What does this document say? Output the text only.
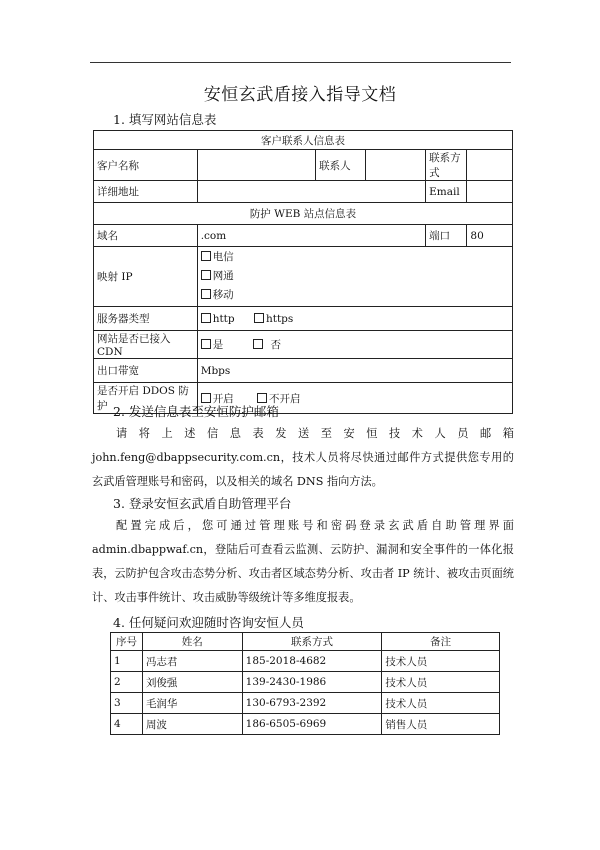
安恒玄武盾接入指导文档
1. 填写网站信息表
客户联系人信息表					
客户名称		联系人		联系方式	
详细地址				Email	
防护 WEB 站点信息表					
域名	.com			端口	80
映射 IP	电信
网通
移动				

服务器类型	http https				
网站是否已接入 CDN	是 否				
出口带宽	Mbps				
是否开启 DDOS 防护	开启 不开启				
2. 发送信息表至安恒防护邮箱
请将上述信息表发送至安恒技术人员邮箱 john.feng@dbappsecurity.com.cn，技术人员将尽快通过邮件方式提供您专用的玄武盾管理账号和密码，以及相关的域名 DNS 指向方法。
3. 登录安恒玄武盾自助管理平台
配置完成后，您可通过管理账号和密码登录玄武盾自助管理界面 admin.dbappwaf.cn，登陆后可查看云监测、云防护、漏洞和安全事件的一体化报表，云防护包含攻击态势分析、攻击者区域态势分析、攻击者 IP 统计、被攻击页面统计、攻击事件统计、攻击威胁等级统计等多维度报表。
4. 任何疑问欢迎随时咨询安恒人员
序号	姓名	联系方式	备注
1	冯志君	185-2018-4682	技术人员
2	刘俊强	139-2430-1986	技术人员
3	毛润华	130-6793-2392	技术人员
4	周波	186-6505-6969	销售人员
